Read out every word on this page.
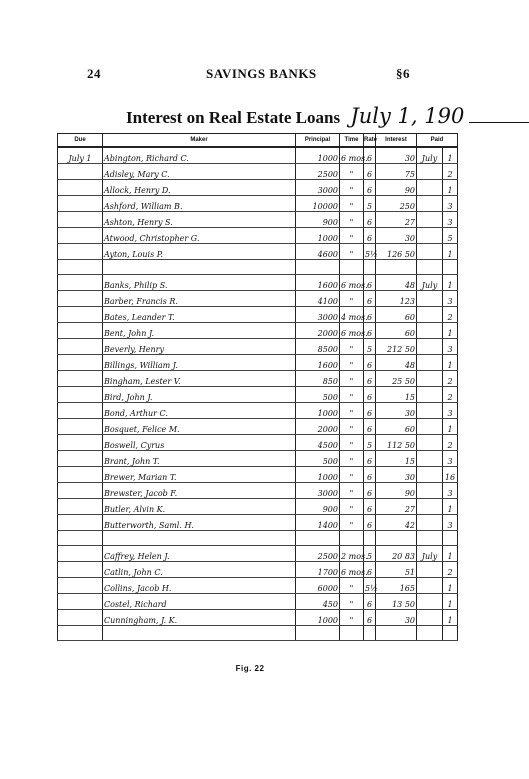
24	SAVINGS BANKS	§6
Interest on Real Estate Loans July 1, 190
Due	Maker	Principal	Time	Rate	Interest	Paid	
July 1	Abington, Richard C.	1000	6 mos.	6	30	July	1
	Adisley, Mary C.	2500	"	6	75		2
	Allock, Henry D.	3000	"	6	90		1
	Ashford, William B.	10000	"	5	250		3
	Ashton, Henry S.	900	"	6	27		3
	Atwood, Christopher G.	1000	"	6	30		5
	Ayton, Louis P.	4600	"	5½	126 50		1

	Banks, Philip S.	1600	6 mos.	6	48	July	1
	Barber, Francis R.	4100	"	6	123		3
	Bates, Leander T.	3000	4 mos.	6	60		2
	Bent, John J.	2000	6 mos.	6	60		1
	Beverly, Henry	8500	"	5	212 50		3
	Billings, William J.	1600	"	6	48		1
	Bingham, Lester V.	850	"	6	25 50		2
	Bird, John J.	500	"	6	15		2
	Bond, Arthur C.	1000	"	6	30		3
	Bosquet, Felice M.	2000	"	6	60		1
	Boswell, Cyrus	4500	"	5	112 50		2
	Brant, John T.	500	"	6	15		3
	Brewer, Marian T.	1000	"	6	30		16
	Brewster, Jacob F.	3000	"	6	90		3
	Butler, Alvin K.	900	"	6	27		1
	Butterworth, Saml. H.	1400	"	6	42		3

	Caffrey, Helen J.	2500	2 mos.	5	20 83	July	1
	Catlin, John C.	1700	6 mos.	6	51		2
	Collins, Jacob H.	6000	"	5½	165		1
	Costel, Richard	450	"	6	13 50		1
	Cunningham, J. K.	1000	"	6	30		1

Fig. 22
